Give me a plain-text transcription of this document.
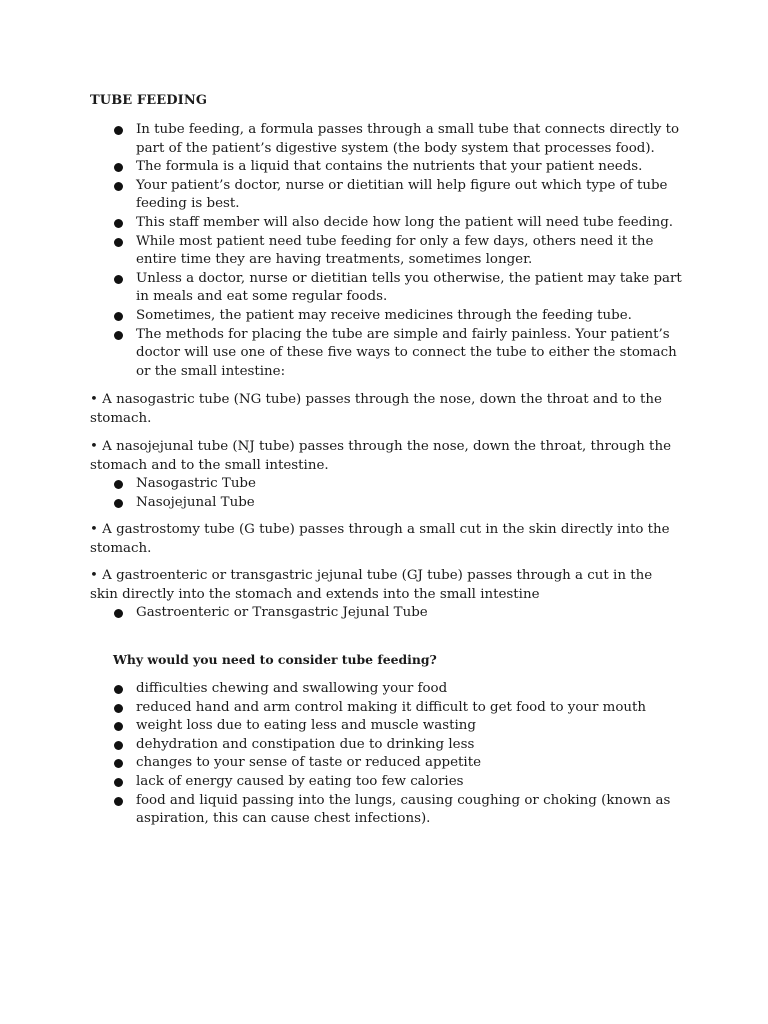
TUBE FEEDING
In tube feeding, a formula passes through a small tube that connects directly to part of the patient’s digestive system (the body system that processes food).
The formula is a liquid that contains the nutrients that your patient needs.
Your patient’s doctor, nurse or dietitian will help figure out which type of tube feeding is best.
This staff member will also decide how long the patient will need tube feeding.
While most patient need tube feeding for only a few days, others need it the entire time they are having treatments, sometimes longer.
Unless a doctor, nurse or dietitian tells you otherwise, the patient may take part in meals and eat some regular foods.
Sometimes, the patient may receive medicines through the feeding tube.
The methods for placing the tube are simple and fairly painless. Your patient’s doctor will use one of these five ways to connect the tube to either the stomach or the small intestine:
• A nasogastric tube (NG tube) passes through the nose, down the throat and to the stomach.
• A nasojejunal tube (NJ tube) passes through the nose, down the throat, through the stomach and to the small intestine.
Nasogastric Tube
Nasojejunal Tube
• A gastrostomy tube (G tube) passes through a small cut in the skin directly into the stomach.
• A gastroenteric or transgastric jejunal tube (GJ tube) passes through a cut in the skin directly into the stomach and extends into the small intestine
Gastroenteric or Transgastric Jejunal Tube
Why would you need to consider tube feeding?
difficulties chewing and swallowing your food
reduced hand and arm control making it difficult to get food to your mouth
weight loss due to eating less and muscle wasting
dehydration and constipation due to drinking less
changes to your sense of taste or reduced appetite
lack of energy caused by eating too few calories
food and liquid passing into the lungs, causing coughing or choking (known as aspiration, this can cause chest infections).
